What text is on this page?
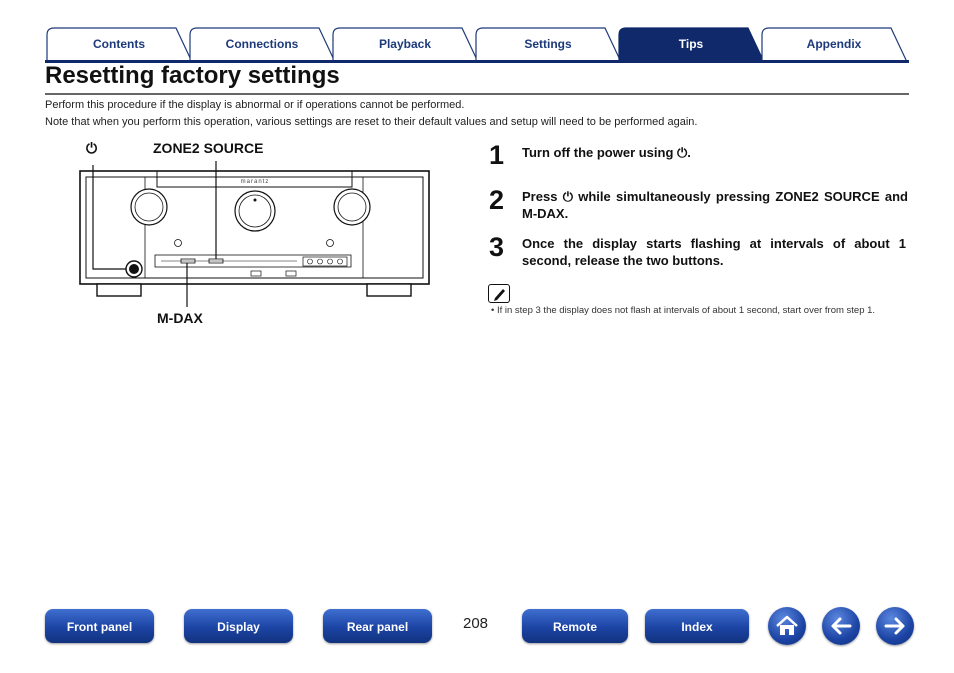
Contents	Connections	Playback	Settings	Tips	Appendix
Resetting factory settings
Perform this procedure if the display is abnormal or if operations cannot be performed.
Note that when you perform this operation, various settings are reset to their default values and setup will need to be performed again.
⏻	ZONE2 SOURCE
M-DAX
marantz
1 Turn off the power using ⏻.
2 Press ⏻ while simultaneously pressing ZONE2 SOURCE and M-DAX.
3 Once the display starts flashing at intervals of about 1 second, release the two buttons.
• If in step 3 the display does not flash at intervals of about 1 second, start over from step 1.
Front panel	Display	Rear panel	208	Remote	Index
